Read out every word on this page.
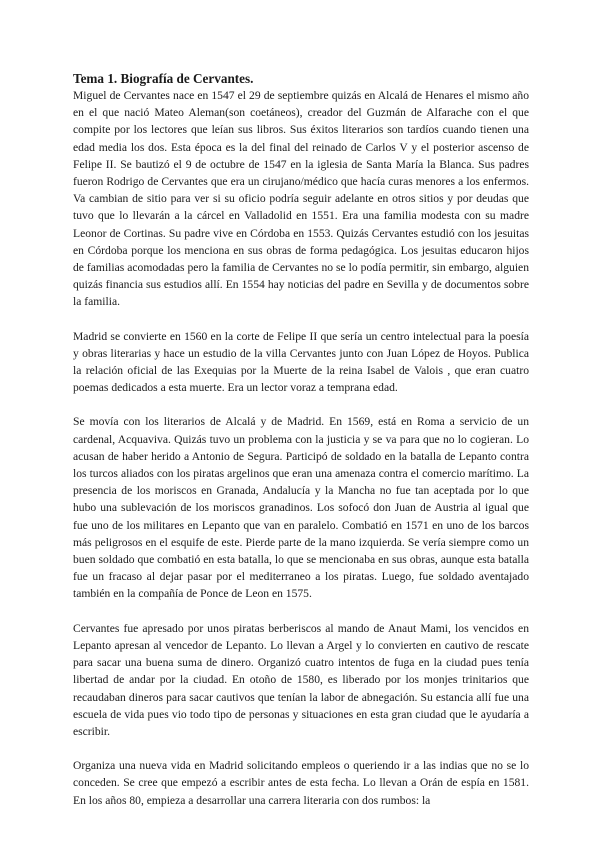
Tema 1. Biografía de Cervantes.

Miguel de Cervantes nace en 1547 el 29 de septiembre quizás en Alcalá de Henares el mismo año en el que nació Mateo Aleman(son coetáneos), creador del Guzmán de Alfarache con el que compite por los lectores que leían sus libros. Sus éxitos literarios son tardíos cuando tienen una edad media los dos. Esta época es la del final del reinado de Carlos V y el posterior ascenso de Felipe II. Se bautizó el 9 de octubre de 1547 en la iglesia de Santa María la Blanca. Sus padres fueron Rodrigo de Cervantes que era un cirujano/médico que hacía curas menores a los enfermos. Va cambian de sitio para ver si su oficio podría seguir adelante en otros sitios y por deudas que tuvo que lo llevarán a la cárcel en Valladolid en 1551. Era una familia modesta con su madre Leonor de Cortinas. Su padre vive en Córdoba en 1553. Quizás Cervantes estudió con los jesuitas en Córdoba porque los menciona en sus obras de forma pedagógica. Los jesuitas educaron hijos de familias acomodadas pero la familia de Cervantes no se lo podía permitir, sin embargo, alguien quizás financia sus estudios allí. En 1554 hay noticias del padre en Sevilla y de documentos sobre la familia.

Madrid se convierte en 1560 en la corte de Felipe II que sería un centro intelectual para la poesía y obras literarias y hace un estudio de la villa Cervantes junto con Juan López de Hoyos. Publica la relación oficial de las Exequias por la Muerte de la reina Isabel de Valois , que eran cuatro poemas dedicados a esta muerte. Era un lector voraz a temprana edad.

Se movía con los literarios de Alcalá y de Madrid. En 1569, está en Roma a servicio de un cardenal, Acquaviva. Quizás tuvo un problema con la justicia y se va para que no lo cogieran. Lo acusan de haber herido a Antonio de Segura. Participó de soldado en la batalla de Lepanto contra los turcos aliados con los piratas argelinos que eran una amenaza contra el comercio marítimo. La presencia de los moriscos en Granada, Andalucía y la Mancha no fue tan aceptada por lo que hubo una sublevación de los moriscos granadinos. Los sofocó don Juan de Austria al igual que fue uno de los militares en Lepanto que van en paralelo. Combatió en 1571 en uno de los barcos más peligrosos en el esquife de este. Pierde parte de la mano izquierda. Se vería siempre como un buen soldado que combatió en esta batalla, lo que se mencionaba en sus obras, aunque esta batalla fue un fracaso al dejar pasar por el mediterraneo a los piratas. Luego, fue soldado aventajado también en la compañía de Ponce de Leon en 1575.

Cervantes fue apresado por unos piratas berberiscos al mando de Anaut Mami, los vencidos en Lepanto apresan al vencedor de Lepanto. Lo llevan a Argel y lo convierten en cautivo de rescate para sacar una buena suma de dinero. Organizó cuatro intentos de fuga en la ciudad pues tenía libertad de andar por la ciudad. En otoño de 1580, es liberado por los monjes trinitarios que recaudaban dineros para sacar cautivos que tenían la labor de abnegación. Su estancia allí fue una escuela de vida pues vio todo tipo de personas y situaciones en esta gran ciudad que le ayudaría a escribir.

Organiza una nueva vida en Madrid solicitando empleos o queriendo ir a las indias que no se lo conceden. Se cree que empezó a escribir antes de esta fecha. Lo llevan a Orán de espía en 1581. En los años 80, empieza a desarrollar una carrera literaria con dos rumbos: la
